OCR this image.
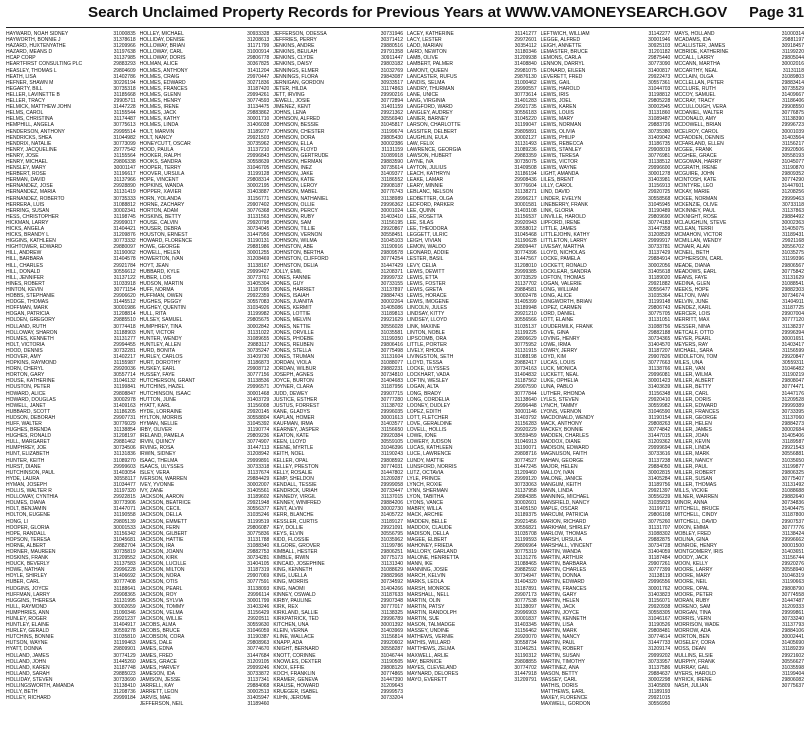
Search Unclaimed Property Records for Previous Years at WWW.VAMONEYSEARCH.GOV Page 31
HAYWARD, NOAH SIDNEY	31000835
HAYWORTH, BONNIE J	31378618
HAZARD, HUXTENYATHE	31209966
HAZARD, MEANS D	31197638
HCAP CORP	31137985
HEARTFIRST CONSULTING PLC	29883293
HEASLEY, THOMAS L	29804609
HEATH, LISA	31402786
HEFNER, SHAWN M	30226194
HEGARTY, BILL	30735318
HELLER, LAVINETTE B	31185668
HELLER, TRACY	29905711
HELMICK, MATTHEW JOHN	31447228
HELMS, CAROL	31155544
HELMS, CHRISTINA	31174487
HEMPHILL, ANGELA	30775613
HENDERSON, ANTHONY	29995514
HENDRICKS, SHEA	31044982
HENDRIX, NATALIE	30773099
HENRY, JACQUELINE	29777542
HENRY, JOSE	31155564
HENRY, MICHAEL	29806338
HENSLEY, MARY	30001147
HERBERT, ROSE	31196617
HERMAN, DAVID	31137966
HERNANDEZ, JOSE	29928890
HERNANDEZ, MARIA	31131419
HERNANDEZ, ROBERTO	30735333
HERRERA, LUIS	31088812
HERRING, SUSAN	30002341
HESS, CHRISTOPHER	31198745
HICKMAN, LARRY	29999017
HICKS, ANGELA	31404421
HICKS, BRANDY L	31209876
HIGGINS, KATHLEEN	30773332
HIGHTOWER, EDWARD	29880097
HILL, ANDREW	31190062
HILL, BARBARA	31404578
HILL, CHARLES	29921784
HILL, DONALD	30556612
HILL, JENNIFER	31137122
HINES, ROBERT	31033918
HINTON, KEVIN	30771154
HOBBS, STEPHANIE	29906620
HODGE, THOMAS	31445512
HOFFMAN, MARK	30001986
HOGAN, PATRICIA	31208814
HOLDEN, GREGORY	29885510
HOLLAND, RUTH	30774418
HOLLOWAY, SHARON	31188903
HOLMES, KENNETH	31131277
HOLT, VICTORIA	29994455
HOOD, DENNIS	30732281
HOOVER, AMY	31402217
HOPKINS, RAYMOND	31155987
HORN, CHERYL	29920036
HORTON, GARY	30557714
HOUSE, KATHERINE	31046132
HOUSTON, PETER	31199841
HOWARD, ALICE	29808847
HOWARD, DOUGLAS	30002978
HOWELL, JANET	31409163
HUBBARD, SCOTT	31186205
HUDSON, DEBORAH	29907731
HUFF, WALTER	30776029
HUGHES, BRENDA	31138854
HUGHES, RONALD	31208197
HULL, MARGARET	29881462
HUMPHREY, JOE	30734506
HUNT, ELIZABETH	31131836
HUNTER, KEITH	31089270
HURST, DIANE	29999603
HUTCHINSON, PAUL	31403054
HYDE, LAURA	30558117
HYMAN, JOSEPH	31034477
HOLLIS, WALTER R	31197320
HOLLOWAY, CYNTHIA	29922815
HOLMES, DIANA	30773906
HOLT, BENJAMIN	31447071
HOLTON, EUGENE	31190558
HONG, LI	29805139
HOOPER, GLORIA	30001533
HOPE, RANDALL	31156342
HOPSON, TERESA	31045681
HORNE, ALBERT	29882704
HORNER, MAUREEN	30735819
HOSKINS, FRANK	31209552
HOUCK, BEVERLY	31137583
HOWE, NATHAN	29996228
HOYLE, SHIRLEY	31406692
HUBER, CARL	30777408
HUDGINS, JOYCE	31188641
HUFFMAN, LARRY	29908365
HUGGINS, THERESA	31131995
HULL, RAYMOND	30002659
HUMPHRIES, ANN	31090346
HUNLEY, ROGER	29921237
HUNTLEY, ELAINE	31404917
HURLEY, GERALD	30559278
HUTCHINS, BONNIE	31035810
HUTSON, WAYNE	31199463
HYATT, DONNA	29809901
HOLLAND, JAMES	30774129
HOLLAND, JOHN	31445260
HOLLAND, KAREN	31187748
HOLLAND, SARAH	29885023
HOLLIDAY, STEVEN	30733690
HOLLINGSWORTH, AMANDA	31138410
HOLLY, BETH	31208736
HOLLEY, RICHARD	29999184
HOLLEY, MICHAEL	30933328
HOLLIDAY, DENISE	31208613
HOLLOWAY, BRIAN	31171799
HOLLOWAY, CARL	31000914
HOLLOWAY, DORIS	29806778
HOLMAN, ALICE	30367825
HOLMES, ANTHONY	31411204
HOLMES, CRAIG	29970447
HOLMES, EDWARD	30271836
HOLMES, FRANCES	31187420
HOLMES, GLENN	29994261
HOLMES, HENRY	30774593
HOLMES, IRENE	31134475
HOLMES, JACK	29883862
HOLMES, KATHY	30001710
HOLMES, LINDA	31406038
HOLT, MARVIN	31189277
HOLT, NANCY	29921503
HONEYCUTT, OSCAR	30735962
HOOD, PAULA	31137210
HOOKER, RALPH	29996843
HOOKS, SANDRA	30558639
HOOPER, TERRY	31046705
HOOVER, URSULA	31199128
HOPE, VINCENT	29808314
HOPKINS, WANDA	30002195
HOPPER, XAVIER	31403887
HORN, YOLANDA	31156771
HORNE, ZACHARY	29907402
HORTON, ADAM	30776368
HOSKINS, BETTY	31131563
HOUSE, CALVIN	29920798
HOUSER, DEBRA	30734045
HOUSTON, ERNEST	31447956
HOWARD, FLORENCE	31190131
HOWE, GEORGE	29881986
HOWELL, HELEN	30001255
HOWERTON, IVAN	31208469
HOYT, JEAN	31138167
HUBBARD, KYLE	29999427
HUBER, LOIS	30773761
HUDSON, MARTIN	31405304
HUFF, NORMA	31187095
HUFFMAN, OWEN	29922359
HUGHES, PEGGY	30557083
HUGHEY, QUENTIN	31034926
HULL, RITA	31199982
HULSEY, SAMUEL	29805675
HUMPHREY, TINA	30002842
HUNT, VICTOR	31131022
HUNTER, WENDY	31089655
HUNTLEY, ALLEN	29883117
HURD, BONITA	30735247
HURLEY, CARLOS	31409730
HURT, DOROTHY	31186873
HUSKEY, EARL	29908712
HUSSEY, FAYE	30777156
HUTCHERSON, GRANT	31138536
HUTCHINS, HAZEL	29996571
HUTCHINSON, ISAAC	30001468
HUTTON, JUNE	31403729
HYATT, KARL	31156008
HYDE, LORRAINE	29920145
HYLTON, MORRIS	30558804
HYMAN, NELLIE	31045392
IRBY, OLIVER	31190774
IRELAND, PAMELA	29809236
IRVIN, QUINCY	30774907
IRVING, ROSA	31447113
IRWIN, SIDNEY	31208942
ISAAC, THELMA	29999891
ISAACS, ULYSSES	30733318
ISLEY, VERA	31137674
IVERSON, WARREN	29884429
IVEY, YVONNE	30002007
IVY, ZANE	31405561
JACKSON, AARON	31189602
JACKSON, BEATRICE	29921948
JACKSON, CECIL	30556377
JACKSON, DELLA	31035246
JACKSON, EMMETT	31199519
JACKSON, FERN	29806087
JACKSON, GILBERT	30775836
JACKSON, HATTIE	31131788
JACKSON, IRA	31088340
JACKSON, JOANN	29882753
JACKSON, KIRK	30734281
JACKSON, LUCILLE	31404105
JACKSON, MILTON	31187319
JACKSON, NORA	29907069
JACKSON, OTIS	30777591
JACKSON, PEARL	31138093
JACKSON, ROY	29996114
JACKSON, SYLVIA	30001799
JACKSON, TOMMY	31403246
JACKSON, VELMA	31156429
JACKSON, WILLIE	29920511
JACOBS, ALMA	30559630
JACOBS, BRUCE	31046059
JACOBSON, CORA	31190387
JAMES, DALE	29808963
JAMES, EDNA	30774670
JAMES, FRED	31447684
JAMES, GRACE	31209105
JAMES, HARVEY	29999246
JAMESON, IDA	30733872
JAMISON, JESSE	31137341
JARRELL, KAY	29884068
JARRETT, LEON	30002513
JARVIS, MAE	31405947
JEFFERSON, NEIL	31189460
JEFFERSON, ODESSA	30731946
JEFFRIES, PERRY	30371412
JENKINS, ANDRE	29880516
JENKINS, BEULAH	29791358
JENKINS, CLYDE	30911447
JENKINS, DAISY	29803182
JENNINGS, ELMER	31032769
JENNINGS, FLORA	29843087
JERNIGAN, GORDON	30933517
JETER, HILDA	31174863
JETT, IRVING	29990216
JEWELL, JOSIE	30772894
JIMENEZ, KENT	31401159
JOHNS, LENA	29921362
JOHNSON, ALFRED	30556940
JOHNSON, BESSIE	31045817
JOHNSON, CHESTER	31199674
JOHNSON, DORA	29805430
JOHNSON, ELLA	30002386
JOHNSON, FLOYD	31131159
JOHNSON, GERTRUDE	31089918
JOHNSON, HERMAN	29883590
JOHNSON, INEZ	30735614
JOHNSON, JAKE	31409377
JOHNSON, KATIE	31186552
JOHNSON, LEROY	29908187
JOHNSON, MABEL	30776743
JOHNSON, NATHANIEL	31138989
JOHNSON, OLLIE	29996362
JOHNSON, PERCY	30001024
JOHNSON, RUBY	31403410
JOHNSON, SAM	31156195
JOHNSON, TILLIE	29920867
JOHNSON, VERNON	30558451
JOHNSON, WILMA	31045103
JOHNSTON, ABE	31190916
JOHNSTON, BERTHA	29809578
JOHNSTON, CLIFFORD	30774254
JOHNSTON, DELIA	31447429
JOLLY, EMIL	31208371
JONES, FANNIE	29999732
JONES, GUY	30733155
JONES, HARRIET	31137897
JONES, ISAIAH	29884743
JONES, JUANITA	30002264
JONES, KERMIT	31405086
JONES, LOTTIE	31189813
JONES, MELVIN	29921629
JONES, NETTIE	30556028
JONES, ORVILLE	31035581
JONES, PHOEBE	31199350
JONES, REUBEN	29806416
JONES, STELLA	30775498
JONES, TRUMAN	31131604
JORDAN, VIOLA	31088077
JORDAN, WILBUR	29882231
JOSEPH, AGNES	30734810
JOYCE, BURTON	31404683
JOYNER, CLARA	31187956
JUDD, DEWEY	29907715
JUSTICE, ESTHER	30777280
JUSTUS, FORREST	31138702
KANE, GLADYS	29996035
KAPLAN, HOMER	30001613
KAUFMAN, IRMA	31403577
KEARNEY, JASPER	31156650
KEATON, KATE	29920384
KEEN, LLOYD	30559105
KEENE, MYRTLE	31046396
KEITH, NOEL	31190243
KELLER, OPAL	29808592
KELLEY, PRESTON	30774031
KELLY, ROSALIE	31447802
KEMP, SHELDON	31209287
KENDALL, TESSIE	29999058
KENDRICK, URIAH	30733447
KENNEDY, VIRGIL	31137015
KENNEY, WINIFRED	29884206
KENT, ALVIN	30002730
KERR, BLANCHE	31405722
KESSLER, CURTIS	31189127
KEY, DOLLIE	29921091
KEYS, ELVIN	30556795
KIDD, FLOSSIE	31035962
KILGORE, GROVER	31199786
KIMBALL, HESTER	29806251
KIMBLE, IRWIN	30775173
KINCAID, JOSEPHINE	31131340
KING, KENNETH	31088629
KING, LUELLA	29882968
KING, MORRIS	30734592
KING, NAOMI	31404266
KINNEY, OSWALD	31187633
KIRBY, PAULINE	29907348
KIRK, REX	30777017
KIRKLAND, SALLIE	31138325
KIRKPATRICK, TED	29996789
KITCHEN, UNA	30001392
KLEIN, VERNA	31403969
KLINE, WALLACE	31156814
KNAPP, ADA	29920602
KNIGHT, BERNARD	30558287
KNOTT, CORINNE	31046744
KNOWLES, DEXTER	31190505
KNOX, EFFIE	29808129
KOCH, FRANKLIN	30774865
KRAMER, GENEVA	31447390
KRAUSE, HOWARD	31209643
KRUEGER, ISABEL	29999573
KUHN, JEROME	30733204
LACEY, KATHERINE	31141277
LACY, LESTER	29972601
LADD, MARIAN	30354112
LAIRD, NEWTON	31180346
LAMB, OLIVE	31209938
LAMBERT, PALMER	31408840
LAMONT, QUEEN	29981075
LANCASTER, RUFUS	29876130
LANDIS, SELMA	31000462
LANDRY, THURMAN	29990557
LANE, UNICE	30773614
LANG, VIRGINIA	31401283
LANGFORD, WARD	29921735
LANGLEY, AUDREY	30556183
LANIER, BARNEY	31045220
LARSON, CHARLOTTE	31199047
LASSITER, DELBERT	29805891
LAUGHLIN, EULA	30002127
LAW, FELIX	31131493
LAWRENCE, GEORGIA	31089236
LAWSON, HUBERT	29883359
LAYNE, IVA	30735075
LAYTON, JULIUS	31409508
LEACH, KATHRYN	31186194
LEAKE, LAMAR	29908436
LEARY, MINNIE	30776604
LEBLANC, NELSON	31138271
LEDBETTER, OLGA	29996217
LEDFORD, PARKER	30001581
LEE, QUINN	31403108
LEE, ROSETTA	31156537
LEE, SILAS	29920943
LEE, THEODORA	30558012
LEGGETT, ULRIC	31045468
LEIGH, VIVIAN	31190628
LEMON, WALDO	29809447
LEONARD, ADDIE	30774396
LESTER, BASIL	31447567
LEVY, CELIA	31208010
LEWIS, DEWITT	29999385
LEWIS, ETTA	30733529
LEWIS, FOSTER	31137702
LEWIS, GRETA	29884581
LEWIS, HORACE	30002478
LEWIS, IMOGENE	31405399
LINCOLN, JULES	31189948
LINDSAY, KITTY	29921210
LINDSEY, LLOYD	30556566
LINK, MAXINE	31035137
LINTON, NOBLE	31199225
LIPSCOMB, ORA	29806629
LITTLE, PORTER	30775952
LIVELY, RHODA	31131915
LIVINGSTON, SETH	31088198
LLOYD, TESSA	29882417
LOCKE, ULYSSES	30734163
LOCKHART, VADA	31404832
LOFTIN, WESLEY	31187562
LOGAN, ALTA	29907590
LONG, BRADY	30777844
LONG, CORDELIA	31138640
LOONEY, DUDLEY	29996448
LOPEZ, EDITH	30001146
LOTT, FLETCHER	31403792
LOVE, GERALDINE	31156283
LOVELL, HOLLIS	29920229
LOWE, IONE	30559459
LOWERY, JUDSON	31046913
LUCAS, KATHLEEN	31190071
LUCE, LAWRENCE	29808716
LUNDY, MATTIE	30774527
LUNSFORD, NORRIS	31447245
LUTZ, OCTAVIA	31209460
LYLE, PRINCE	29999120
LYNCH, ROXIE	30733063
LYNN, SHERMAN	31137958
LYON, TABITHA	29884385
LYONS, VANCE	30002601
MABRY, WILLA	31405150
MACK, ARCHIE	31189375
MADDEN, BELLE	29921456
MADDOX, CLAUDE	30556821
MADISON, DELLA	31035708
MAGEE, ELBERT	31199593
MAHONEY, FRIEDA	29806964
MALLORY, GARLAND	30775319
MALONE, HENRIETTA	31131276
MANN, IKE	31088465
MANNING, JOSIE	29882592
MARCH, KELVIN	30734947
MARKS, LEOLA	31404320
MARSH, MONROE	31187891
MARSHALL, NELL	29907173
MARTIN, OLIN	30777538
MARTIN, PATSY	31138097
MARTIN, RANDOLPH	29996903
MARTIN, SUE	30001837
MASON, TALMADGE	31403345
MASSEY, UNDINE	31156462
MATHEWS, VERNIE	29920070
MATHIS, WILLARD	30558734
MATTHEWS, ZELMA	31046251
MAXWELL, ARLIE	31190312
MAY, BERNICE	29808855
MAYES, CLEVELAND	30774702
MAYNARD, DELORES	31447918
MAYO, EVERETT	31209791
LEFTWICH, WILLIAM	31142277
LEGGE, ALFRED	30001946
LEIGH, ANNETTE	30925103
LEMASTER, BRUCE	31201182
LEMONS, CARLA	29875440
LENNON, DARRYL	30773090
LEONARD, EILEEN	31400817
LEVERETT, FRED	29922473
LEWIS, GAIL	30557361
LEWIS, HAROLD	31044703
LEWIS, IRIS	31198812
LEWIS, JOEL	29805228
LEWIS, KAREN	30002945
LEWIS, LOUIS	31131860
LEWIS, MARY	31089487
LEWIS, NORMAN	29883726
LEWIS, OLIVIA	30735380
LEWIS, PHILIP	31409042
LEWIS, REBECCA	31186735
LEWIS, STANLEY	29908019
LEWIS, TERESA	30776981
LEWIS, VICTOR	31138512
LEWIS, WAYNE	29996600
LIGHT, AMANDA	30001278
LILES, BRENT	31403981
LILLY, CAROL	31156913
LIND, DAVID	29920725
LINDER, EVELYN	30558568
LINEBERRY, FRANK	31045945
LINK, GLORIA	31190489
LINVILLE, HAROLD	29809690
LIPFORD, IRENE	30774183
LITTLE, JAMES	31447358
LITTLEJOHN, KATHY	31208529
LITTLETON, LARRY	29999917
LIVESAY, MARTHA	30733781
LLOYD, NICHOLAS	31137429
LOCKE, PAMELA	29884914
LOCKETT, RONALD	30002056
LOCKLEAR, SANDRA	31405618
LOFTON, THOMAS	31189020
LOGAN, VALERIE	29921882
LONG, WILLIAM	30556477
LONG, ALICE	31035364
LONGWORTH, BRIAN	31199148
LOPEZ, CARMEN	29806743
LORD, DANIEL	30775705
LOTT, ELAINE	31131051
LOUDERMILK, FRANK	31088756
LOVE, GINA	29882188
LOVING, HENRY	30734365
LOWE, IRMA	31404570
LOWRY, JERRY	31187207
LOYD, KIM	29907826
LUCAS, LOUIS	30777663
LUCK, MONICA	31138766
LUCKETT, NEAL	29996081
LUKE, OPHELIA	30001423
LUNA, PABLO	31403639
LUTHER, RHONDA	31156348
LYLES, STEVEN	29920410
LYNCH, TAMMY	30559982
LYONS, VERNON	31046590
MACDONALD, WENDY	31190154
MACK, ANTHONY	29808263
MACKEY, BONNIE	30774842
MADDEN, CHARLES	31447015
MADDOX, DIANE	31209362
MADISON, EDWARD	29999694
MAGNUSON, FAITH	30733616
MAHAN, GEORGE	31137238
MAJOR, HELEN	29884050
MALLOY, IVAN	30002815
MALONE, JANICE	31405284
MANGUM, KEITH	31189756
MANN, LINDA	29921397
MANNING, MICHAEL	30556239
MANSFIELD, NANCY	31035829
MAPLE, OSCAR	31199711
MARCUM, PATRICIA	29806108
MARION, RICHARD	30775260
MARKHAM, SHIRLEY	31131707
MARLOW, THOMAS	31088302
MARSH, URSULA	29882875
MARSHALL, VINCENT	30734728
MARTIN, WANDA	31404059
MARTIN, ARTHUR	31187484
MARTIN, BARBARA	29907261
MARTIN, CHARLES	30777399
MARTIN, DONNA	31138119
MARTIN, EDWARD	29996556
MARTIN, FRANCES	30001762
MARTIN, GARY	31403823
MARTIN, HELEN	31156071
MARTIN, JACK	29920938
MARTIN, JOYCE	30558305
MARTIN, KENNETH	31046167
MARTIN, LISA	31190526
MARTIN, MARK	29808481
MARTIN, NANCY	30774614
MARTIN, PAUL	31447733
MARTIN, ROBERT	31209174
MARTIN, SUSAN	29999202
MARTIN, TIMOTHY	30733957
MARTINEZ, ANA	31137586
MASON, BETTY	29884637
MASSEY, CARL	30002298
MATHIS, DORIS	31405809
MATTHEWS, EARL	31189193
MAXEY, FLORENCE	29921015
MAXWELL, GORDON	30556950
MAYS, HOLLAND	31000314
MCADAMS, IDA	29881197
MCALLISTER, JAMES	30918457
MCBRIDE, KATHERINE	31199220
MCCALL, LARRY	29805044
MCCANN, MARTHA	30002016
MCCARTHY, NEAL	31131118
MCCLAIN, OLGA	31089803
MCCLELLAN, PETER	29883414
MCCLURE, RUTH	30735529
MCCOY, SAMUEL	31409667
MCCRAY, TRACY	31186406
MCCULLOUGH, VERA	29908550
MCDANIEL, WALTER	30776875
MCDONALD, AMY	31138390
MCDOWELL, BRIAN	29996723
MCELROY, CAROL	30001039
MCFADDEN, DENNIS	31403564
MCFARLAND, ELLEN	31156217
MCGEE, FRANK	29920506
MCGHEE, GRACE	30558193
MCGOWAN, HARRY	31045077
MCGRATH, IRENE	31190870
MCGUIRE, JOHN	29809352
MCINTOSH, KATE	30774290
MCINTYRE, LEO	31447601
MCKAY, MARIE	31208256
MCKEE, NORMAN	29999463
MCKENZIE, OLIVE	30733118
MCKINNEY, PAUL	31137863
MCKNIGHT, ROSE	29884492
MCLAUGHLIN, STEVE	30002363
MCLEAN, TERRI	31405075
MCMAHON, VICTOR	31189431
MCMILLAN, WENDY	29921168
MCNAIR, ALAN	30556702
MCNEIL, BETH	31035275
MCPHERSON, CARL	31199396
MEADE, DIANA	29806567
MEADOWS, EARL	30775842
MEANS, FAYE	31131629
MEDINA, GLEN	31088541
MEEKS, HOPE	29882303
MELTON, IVAN	30734674
MELVIN, JUNE	31404911
MENDEZ, KARL	31187725
MERCER, LOIS	29907004
MERRITT, MAX	30777120
MESSER, NINA	31138237
METCALF, OTTO	29996394
MEYER, PEARL	30001651
MEYERS, RAY	31403417
MICHAEL, SARA	31156599
MIDDLETON, TOM	29920847
MILES, UNA	30559311
MILLER, VAN	31046482
MILLER, WILMA	31190219
MILLER, ALBERT	29808047
MILLER, BETTY	30774471
MILLER, CARL	31447176
MILLER, DORIS	31209528
MILLER, EDWARD	29999389
MILLER, FRANCES	30733395
MILLER, GEORGE	31137060
MILLER, HELEN	29884273
MILLER, JAMES	30002684
MILLER, JOAN	31405406
MILLER, KEVIN	31189587
MILLER, LINDA	29921543
MILLER, MARK	30556881
MILLER, NANCY	31035650
MILLER, PAUL	31199877
MILLER, ROBERT	29806325
MILLER, SUSAN	30775407
MILLER, THOMAS	31131492
MILLS, VICKIE	31088688
MILNER, WARREN	29882640
MINOR, ANNA	30734836
MITCHELL, BRUCE	31404475
MITCHELL, CINDY	31187800
MITCHELL, DAVID	29907537
MIXON, EMMA	30777776
MOBLEY, FRED	31138424
MOLINA, GINA	29996662
MONROE, HENRY	30001500
MONTGOMERY, IRIS	31403651
MOODY, JACK	31156744
MOON, KELLY	29920276
MOORE, LARRY	30558940
MOORE, MARY	31046319
MOORE, NEIL	31190663
MOORE, OPAL	29808790
MOORE, PETER	30774558
MORAN, RUBY	31447487
MORENO, SAM	31209333
MORGAN, TINA	29999861
MORRIS, VERN	30733240
MORRISON, WADE	31137793
MORROW, ADA	29884106
MORTON, BEN	30002441
MOSELEY, CORA	31405690
MOSS, DEAN	31189239
MULLINS, ELSIE	29921602
MURPHY, FRANK	30556627
MURRAY, GAIL	31035598
MYERS, HAROLD	31199404
MYRICK, IRENE	29806082
NASH, JULIAN	30775637
